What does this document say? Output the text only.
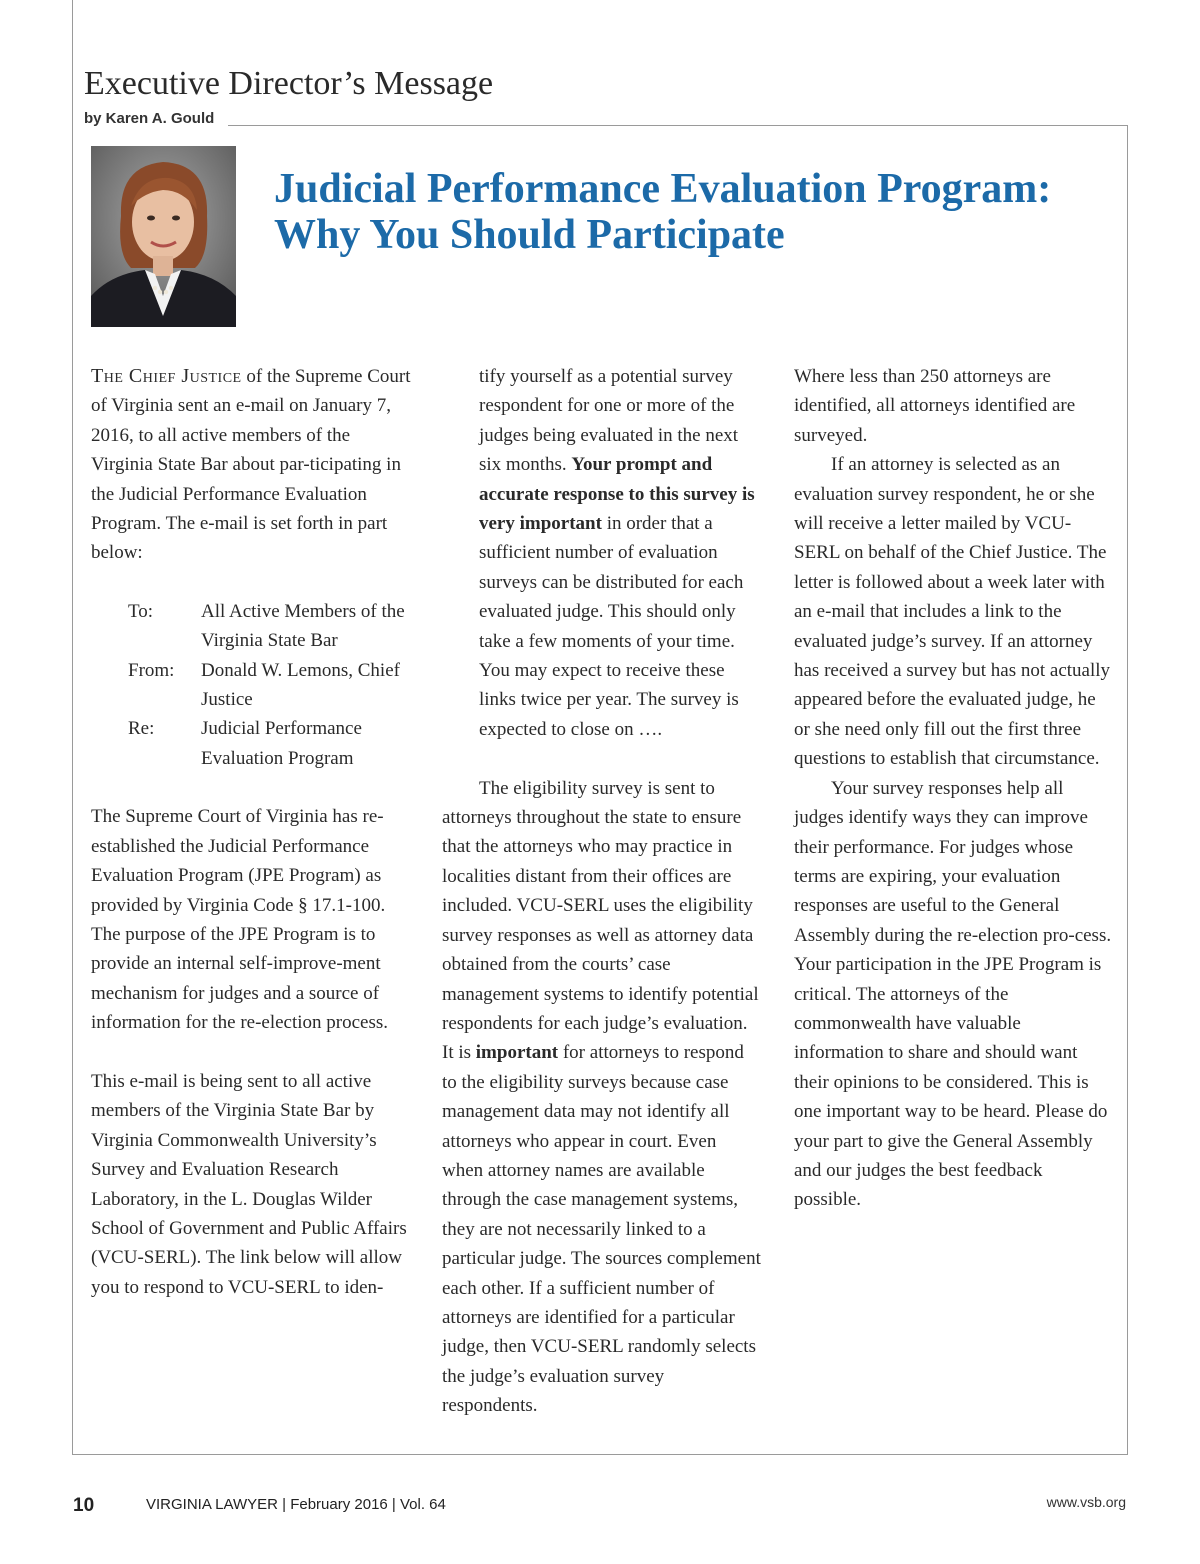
Executive Director’s Message
by Karen A. Gould
Judicial Performance Evaluation Program:
Why You Should Participate

The Chief Justice of the Supreme Court of Virginia sent an e-mail on January 7, 2016, to all active members of the Virginia State Bar about par-ticipating in the Judicial Performance Evaluation Program. The e-mail is set forth in part below:

To:	All Active Members of the Virginia State Bar
From:	Donald W. Lemons, Chief Justice
Re:	Judicial Performance Evaluation Program

The Supreme Court of Virginia has re-established the Judicial Performance Evaluation Program (JPE Program) as provided by Virginia Code § 17.1-100. The purpose of the JPE Program is to provide an internal self-improve-ment mechanism for judges and a source of information for the re-election process.

This e-mail is being sent to all active members of the Virginia State Bar by Virginia Commonwealth University’s Survey and Evaluation Research Laboratory, in the L. Douglas Wilder School of Government and Public Affairs (VCU-SERL). The link below will allow you to respond to VCU-SERL to iden-

tify yourself as a potential survey respondent for one or more of the judges being evaluated in the next six months. Your prompt and accurate response to this survey is very important in order that a sufficient number of evaluation surveys can be distributed for each evaluated judge. This should only take a few moments of your time. You may expect to receive these links twice per year. The survey is expected to close on ….

The eligibility survey is sent to attorneys throughout the state to ensure that the attorneys who may practice in localities distant from their offices are included. VCU-SERL uses the eligibility survey responses as well as attorney data obtained from the courts’ case management systems to identify potential respondents for each judge’s evaluation. It is important for attorneys to respond to the eligibility surveys because case management data may not identify all attorneys who appear in court. Even when attorney names are available through the case management systems, they are not necessarily linked to a particular judge. The sources complement each other. If a sufficient number of attorneys are identified for a particular judge, then VCU-SERL randomly selects the judge’s evaluation survey respondents.

Where less than 250 attorneys are identified, all attorneys identified are surveyed.

If an attorney is selected as an evaluation survey respondent, he or she will receive a letter mailed by VCU-SERL on behalf of the Chief Justice. The letter is followed about a week later with an e-mail that includes a link to the evaluated judge’s survey. If an attorney has received a survey but has not actually appeared before the evaluated judge, he or she need only fill out the first three questions to establish that circumstance.

Your survey responses help all judges identify ways they can improve their performance. For judges whose terms are expiring, your evaluation responses are useful to the General Assembly during the re-election pro-cess. Your participation in the JPE Program is critical. The attorneys of the commonwealth have valuable information to share and should want their opinions to be considered. This is one important way to be heard. Please do your part to give the General Assembly and our judges the best feedback possible.

10	VIRGINIA LAWYER | February 2016 | Vol. 64	www.vsb.org
